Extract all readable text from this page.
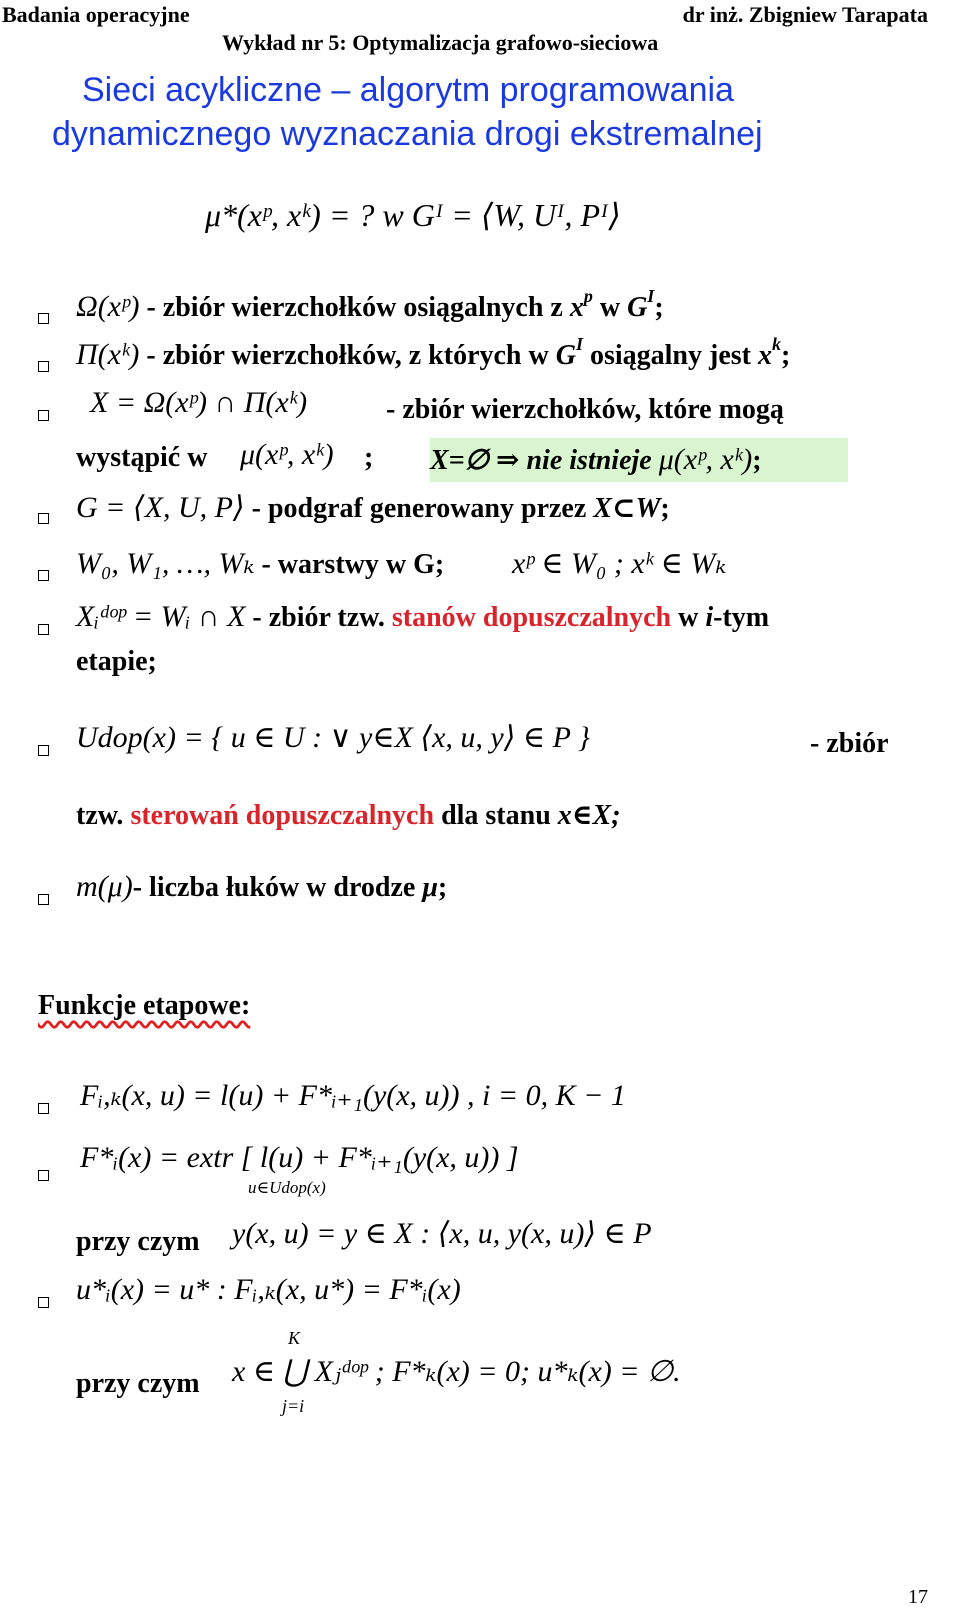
Badania operacyjne	dr inż. Zbigniew Tarapata
Wykład nr 5: Optymalizacja grafowo-sieciowa
Sieci acykliczne – algorytm programowania
dynamicznego wyznaczania drogi ekstremalnej
μ*(xᵖ, xᵏ) = ? w Gᴵ = ⟨W, Uᴵ, Pᴵ⟩
Ω(xᵖ) - zbiór wierzchołków osiągalnych z $x^p$ w $G^I$;
Π(xᵏ) - zbiór wierzchołków, z których w $G^I$ osiągalny jest $x^k$;
X = Ω(xᵖ) ∩ Π(xᵏ)	- zbiór wierzchołków, które mogą
wystąpić w μ(xᵖ, xᵏ) ; X=∅ ⇒ nie istnieje μ(xᵖ, xᵏ);
G = ⟨X, U, P⟩ - podgraf generowany przez X⊂W;
W₀, W₁, …, Wₖ - warstwy w G; xᵖ ∈ W₀ ; xᵏ ∈ Wₖ
Xᵢᵈᵒᵖ = Wᵢ ∩ X - zbiór tzw. stanów dopuszczalnych w i-tym
etapie;
Udop(x) = { u ∈ U : ∨ y∈X ⟨x, u, y⟩ ∈ P }	- zbiór
tzw. sterowań dopuszczalnych dla stanu x∈X;
m(μ)- liczba łuków w drodze μ;
Funkcje etapowe:
Fᵢ,ₖ(x, u) = l(u) + F*ᵢ₊₁(y(x, u)) , i = 0, K − 1
F*ᵢ(x) = extr [ l(u) + F*ᵢ₊₁(y(x, u)) ]
u∈Udop(x)
przy czym y(x, u) = y ∈ X : ⟨x, u, y(x, u)⟩ ∈ P
u*ᵢ(x) = u* : Fᵢ,ₖ(x, u*) = F*ᵢ(x)
K
przy czym x ∈ ⋃ Xⱼᵈᵒᵖ ; F*ₖ(x) = 0; u*ₖ(x) = ∅.
j=i
17
